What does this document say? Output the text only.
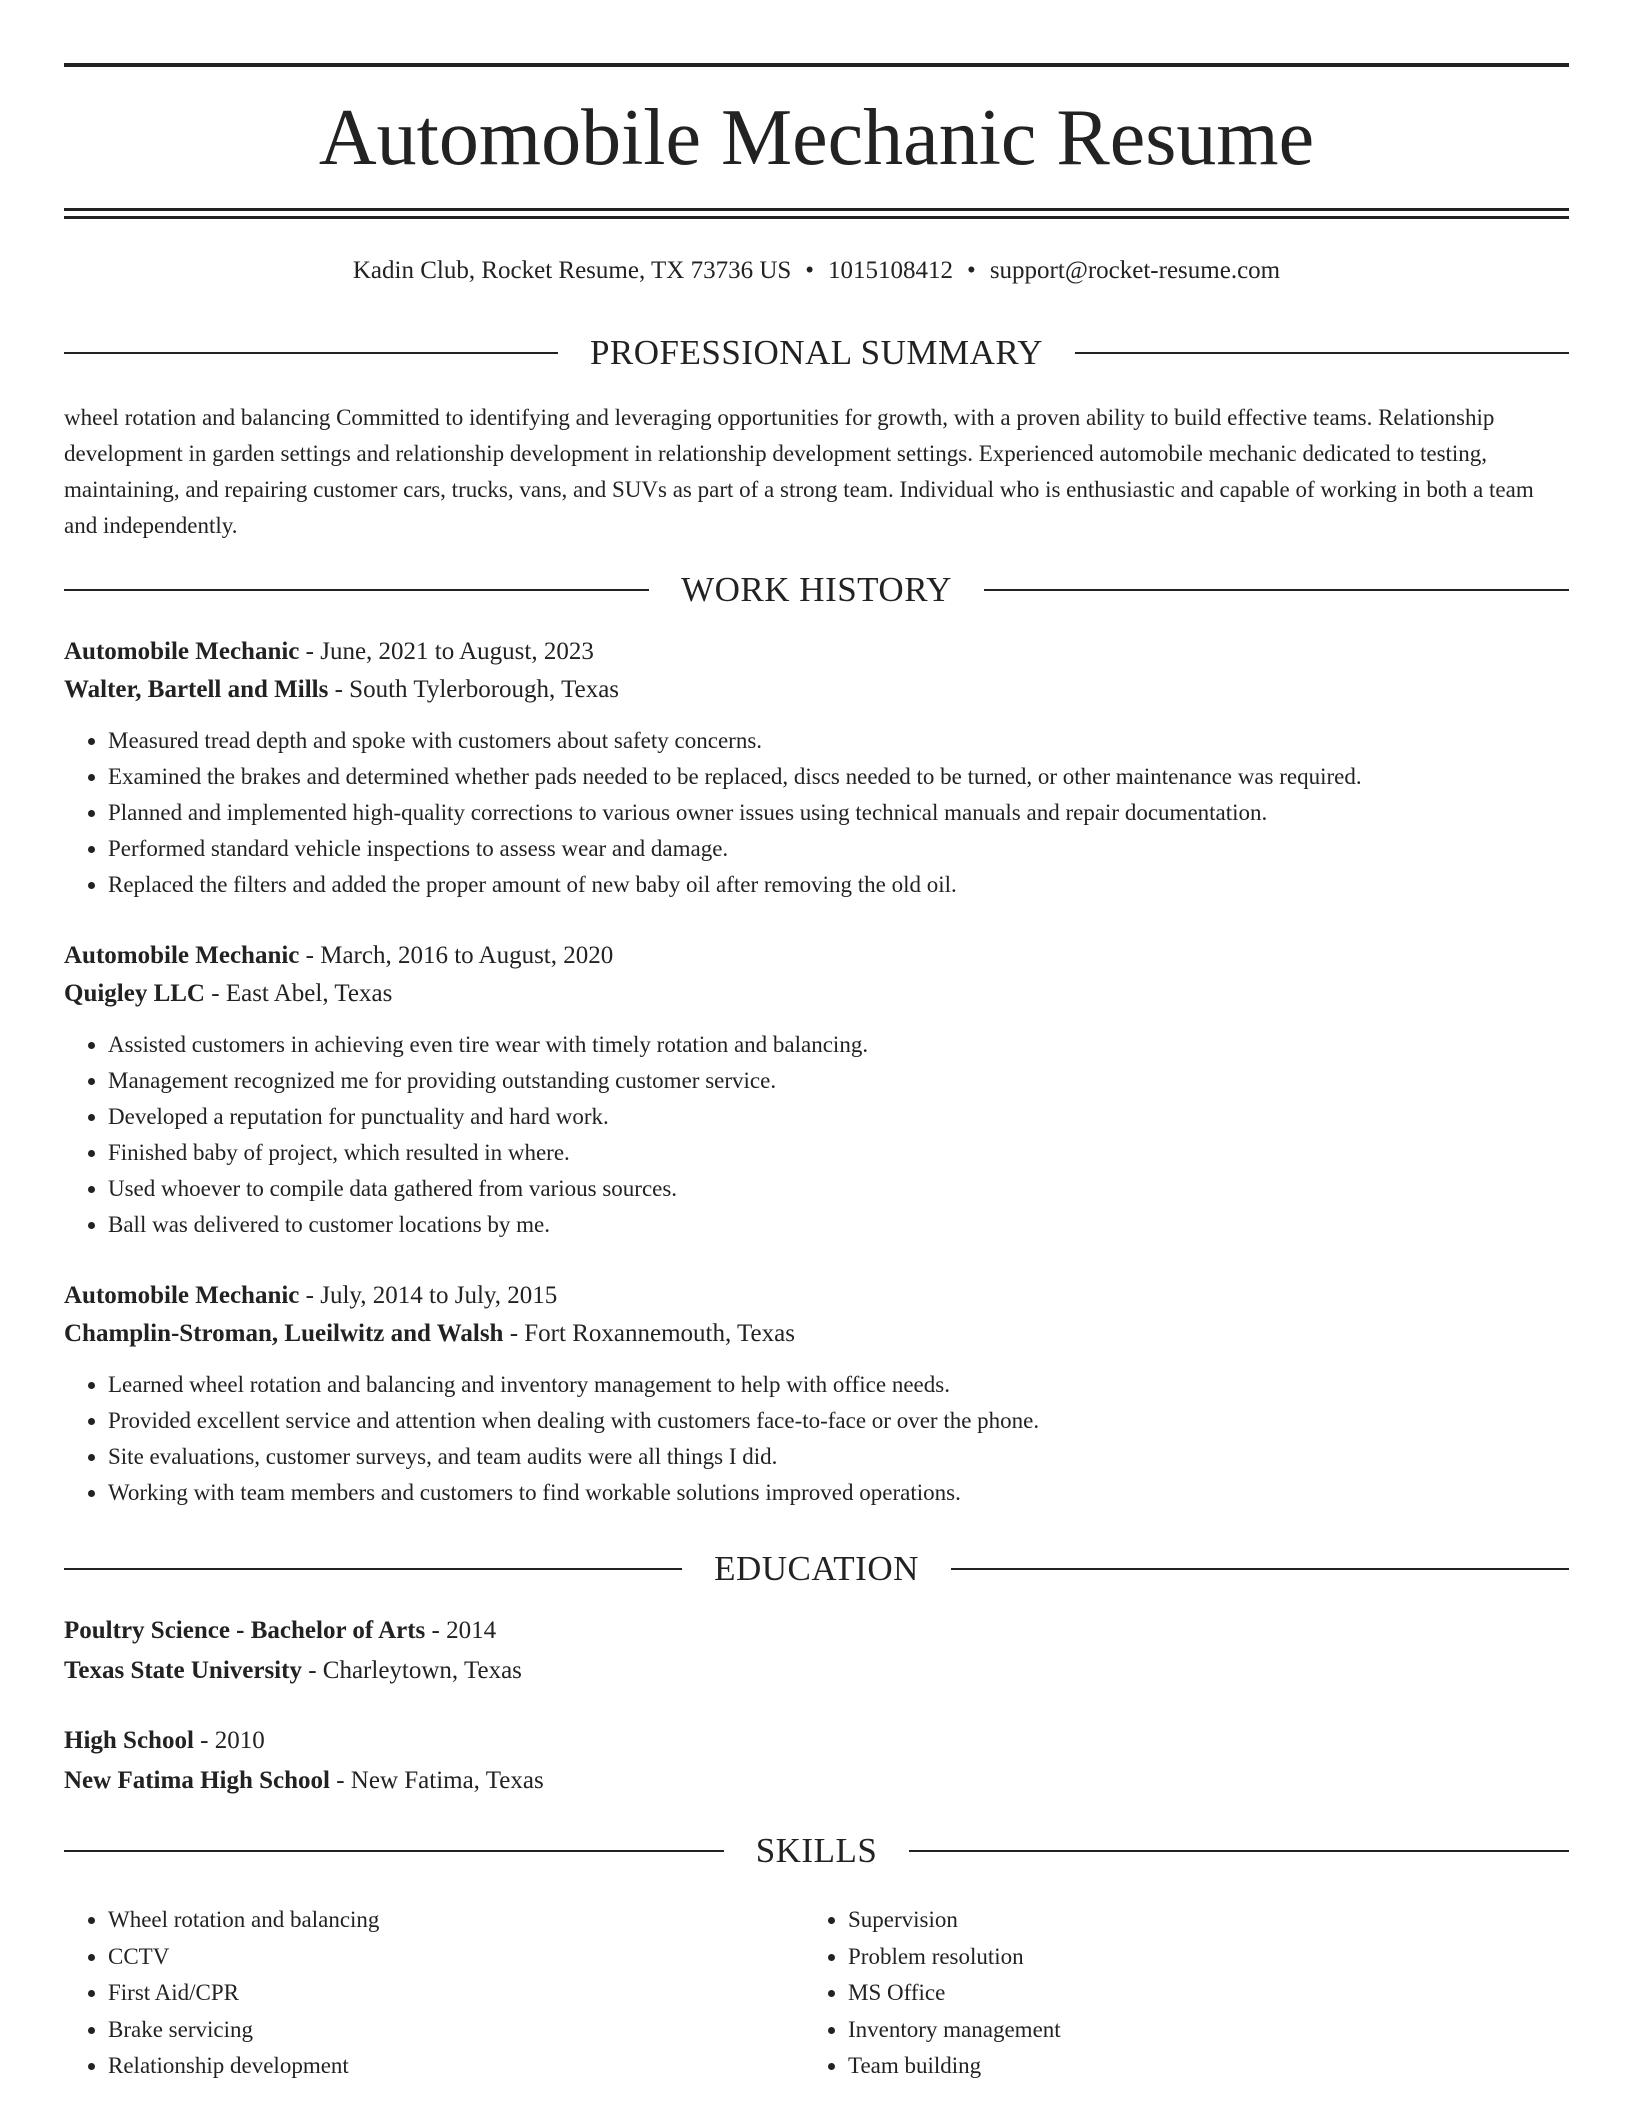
Automobile Mechanic Resume
Kadin Club, Rocket Resume, TX 73736 US • 1015108412 • support@rocket-resume.com
PROFESSIONAL SUMMARY

wheel rotation and balancing Committed to identifying and leveraging opportunities for growth, with a proven ability to build effective teams. Relationship development in garden settings and relationship development in relationship development settings. Experienced automobile mechanic dedicated to testing, maintaining, and repairing customer cars, trucks, vans, and SUVs as part of a strong team. Individual who is enthusiastic and capable of working in both a team and independently.

WORK HISTORY
Automobile Mechanic - June, 2021 to August, 2023
Walter, Bartell and Mills - South Tylerborough, Texas
• Measured tread depth and spoke with customers about safety concerns.
• Examined the brakes and determined whether pads needed to be replaced, discs needed to be turned, or other maintenance was required.
• Planned and implemented high-quality corrections to various owner issues using technical manuals and repair documentation.
• Performed standard vehicle inspections to assess wear and damage.
• Replaced the filters and added the proper amount of new baby oil after removing the old oil.
Automobile Mechanic - March, 2016 to August, 2020
Quigley LLC - East Abel, Texas
• Assisted customers in achieving even tire wear with timely rotation and balancing.
• Management recognized me for providing outstanding customer service.
• Developed a reputation for punctuality and hard work.
• Finished baby of project, which resulted in where.
• Used whoever to compile data gathered from various sources.
• Ball was delivered to customer locations by me.
Automobile Mechanic - July, 2014 to July, 2015
Champlin-Stroman, Lueilwitz and Walsh - Fort Roxannemouth, Texas
• Learned wheel rotation and balancing and inventory management to help with office needs.
• Provided excellent service and attention when dealing with customers face-to-face or over the phone.
• Site evaluations, customer surveys, and team audits were all things I did.
• Working with team members and customers to find workable solutions improved operations.
EDUCATION
Poultry Science - Bachelor of Arts - 2014
Texas State University - Charleytown, Texas
High School - 2010
New Fatima High School - New Fatima, Texas
SKILLS
• Wheel rotation and balancing
• CCTV
• First Aid/CPR
• Brake servicing
• Relationship development
• Supervision
• Problem resolution
• MS Office
• Inventory management
• Team building
